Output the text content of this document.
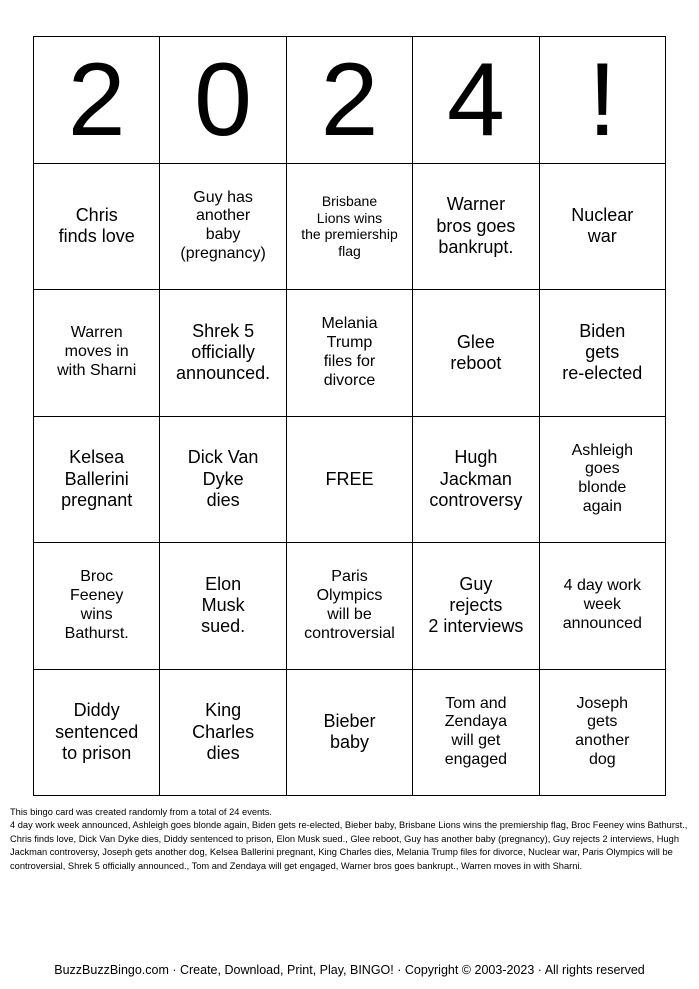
2 0 2 4 !
Chris
finds love
Guy has
another
baby
(pregnancy)
Brisbane
Lions wins
the premiership
flag
Warner
bros goes
bankrupt.
Nuclear
war
Warren
moves in
with Sharni
Shrek 5
officially
announced.
Melania
Trump
files for
divorce
Glee
reboot
Biden
gets
re-elected
Kelsea
Ballerini
pregnant
Dick Van
Dyke
dies
FREE
Hugh
Jackman
controversy
Ashleigh
goes
blonde
again
Broc
Feeney
wins
Bathurst.
Elon
Musk
sued.
Paris
Olympics
will be
controversial
Guy
rejects
2 interviews
4 day work
week
announced
Diddy
sentenced
to prison
King
Charles
dies
Bieber
baby
Tom and
Zendaya
will get
engaged
Joseph
gets
another
dog

This bingo card was created randomly from a total of 24 events.

4 day work week announced, Ashleigh goes blonde again, Biden gets re-elected, Bieber baby, Brisbane Lions wins the premiership flag, Broc Feeney wins Bathurst., Chris finds love, Dick Van Dyke dies, Diddy sentenced to prison, Elon Musk sued., Glee reboot, Guy has another baby (pregnancy), Guy rejects 2 interviews, Hugh Jackman controversy, Joseph gets another dog, Kelsea Ballerini pregnant, King Charles dies, Melania Trump files for divorce, Nuclear war, Paris Olympics will be controversial, Shrek 5 officially announced., Tom and Zendaya will get engaged, Warner bros goes bankrupt., Warren moves in with Sharni.

BuzzBuzzBingo.com · Create, Download, Print, Play, BINGO! · Copyright © 2003-2023 · All rights reserved
